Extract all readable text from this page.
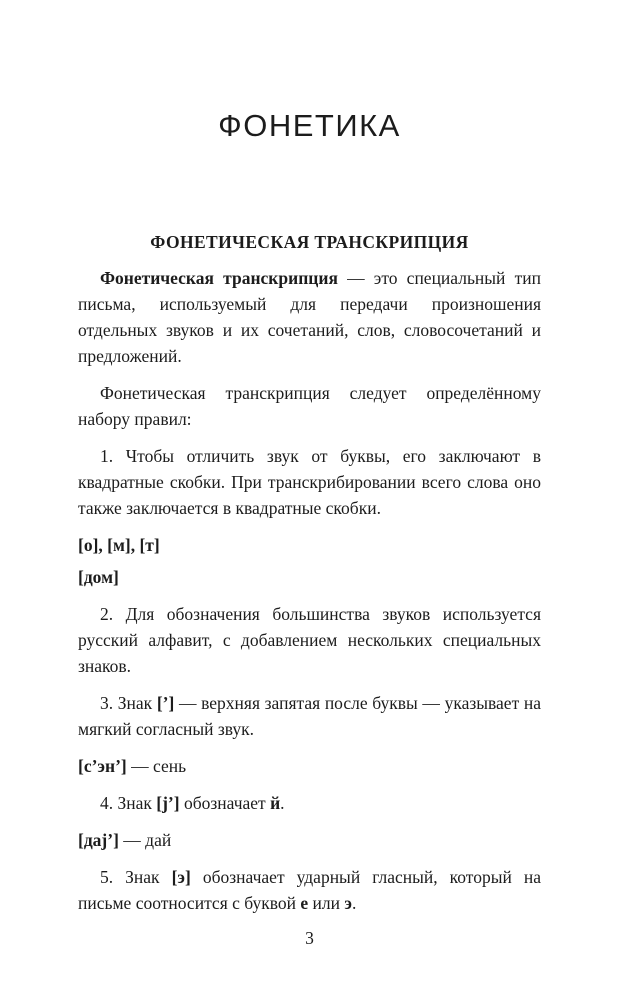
ФОНЕТИКА
ФОНЕТИЧЕСКАЯ ТРАНСКРИПЦИЯ

Фонетическая транскрипция — это специальный тип письма, используемый для передачи произношения отдельных звуков и их сочетаний, слов, словосочетаний и предложений.

Фонетическая транскрипция следует определённому набору правил:

1. Чтобы отличить звук от буквы, его заключают в квадратные скобки. При транскрибировании всего слова оно также заключается в квадратные скобки.

[о], [м], [т]

[дом]

2. Для обозначения большинства звуков используется русский алфавит, с добавлением нескольких специальных знаков.

3. Знак [’] — верхняя запятая после буквы — указывает на мягкий согласный звук.

[с’эн’] — сень

4. Знак [j’] обозначает й.

[даj’] — дай

5. Знак [э] обозначает ударный гласный, который на письме соотносится с буквой е или э.

3
